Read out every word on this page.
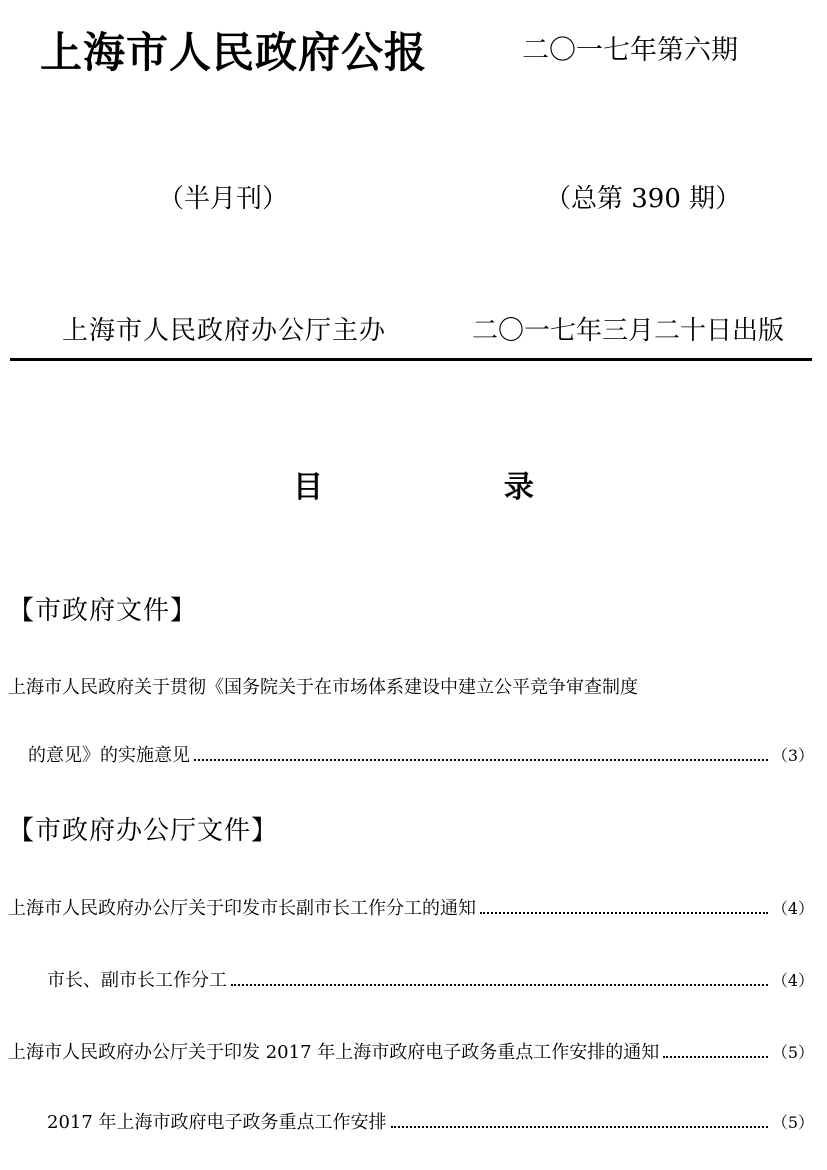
上海市人民政府公报	二〇一七年第六期
（半月刊）	（总第 390 期）
上海市人民政府办公厅主办	二〇一七年三月二十日出版
目  录
【市政府文件】
上海市人民政府关于贯彻《国务院关于在市场体系建设中建立公平竞争审查制度
的意见》的实施意见	（3）
【市政府办公厅文件】
上海市人民政府办公厅关于印发市长副市长工作分工的通知	（4）
市长、副市长工作分工	（4）
上海市人民政府办公厅关于印发 2017 年上海市政府电子政务重点工作安排的通知	（5）
2017 年上海市政府电子政务重点工作安排	（5）
